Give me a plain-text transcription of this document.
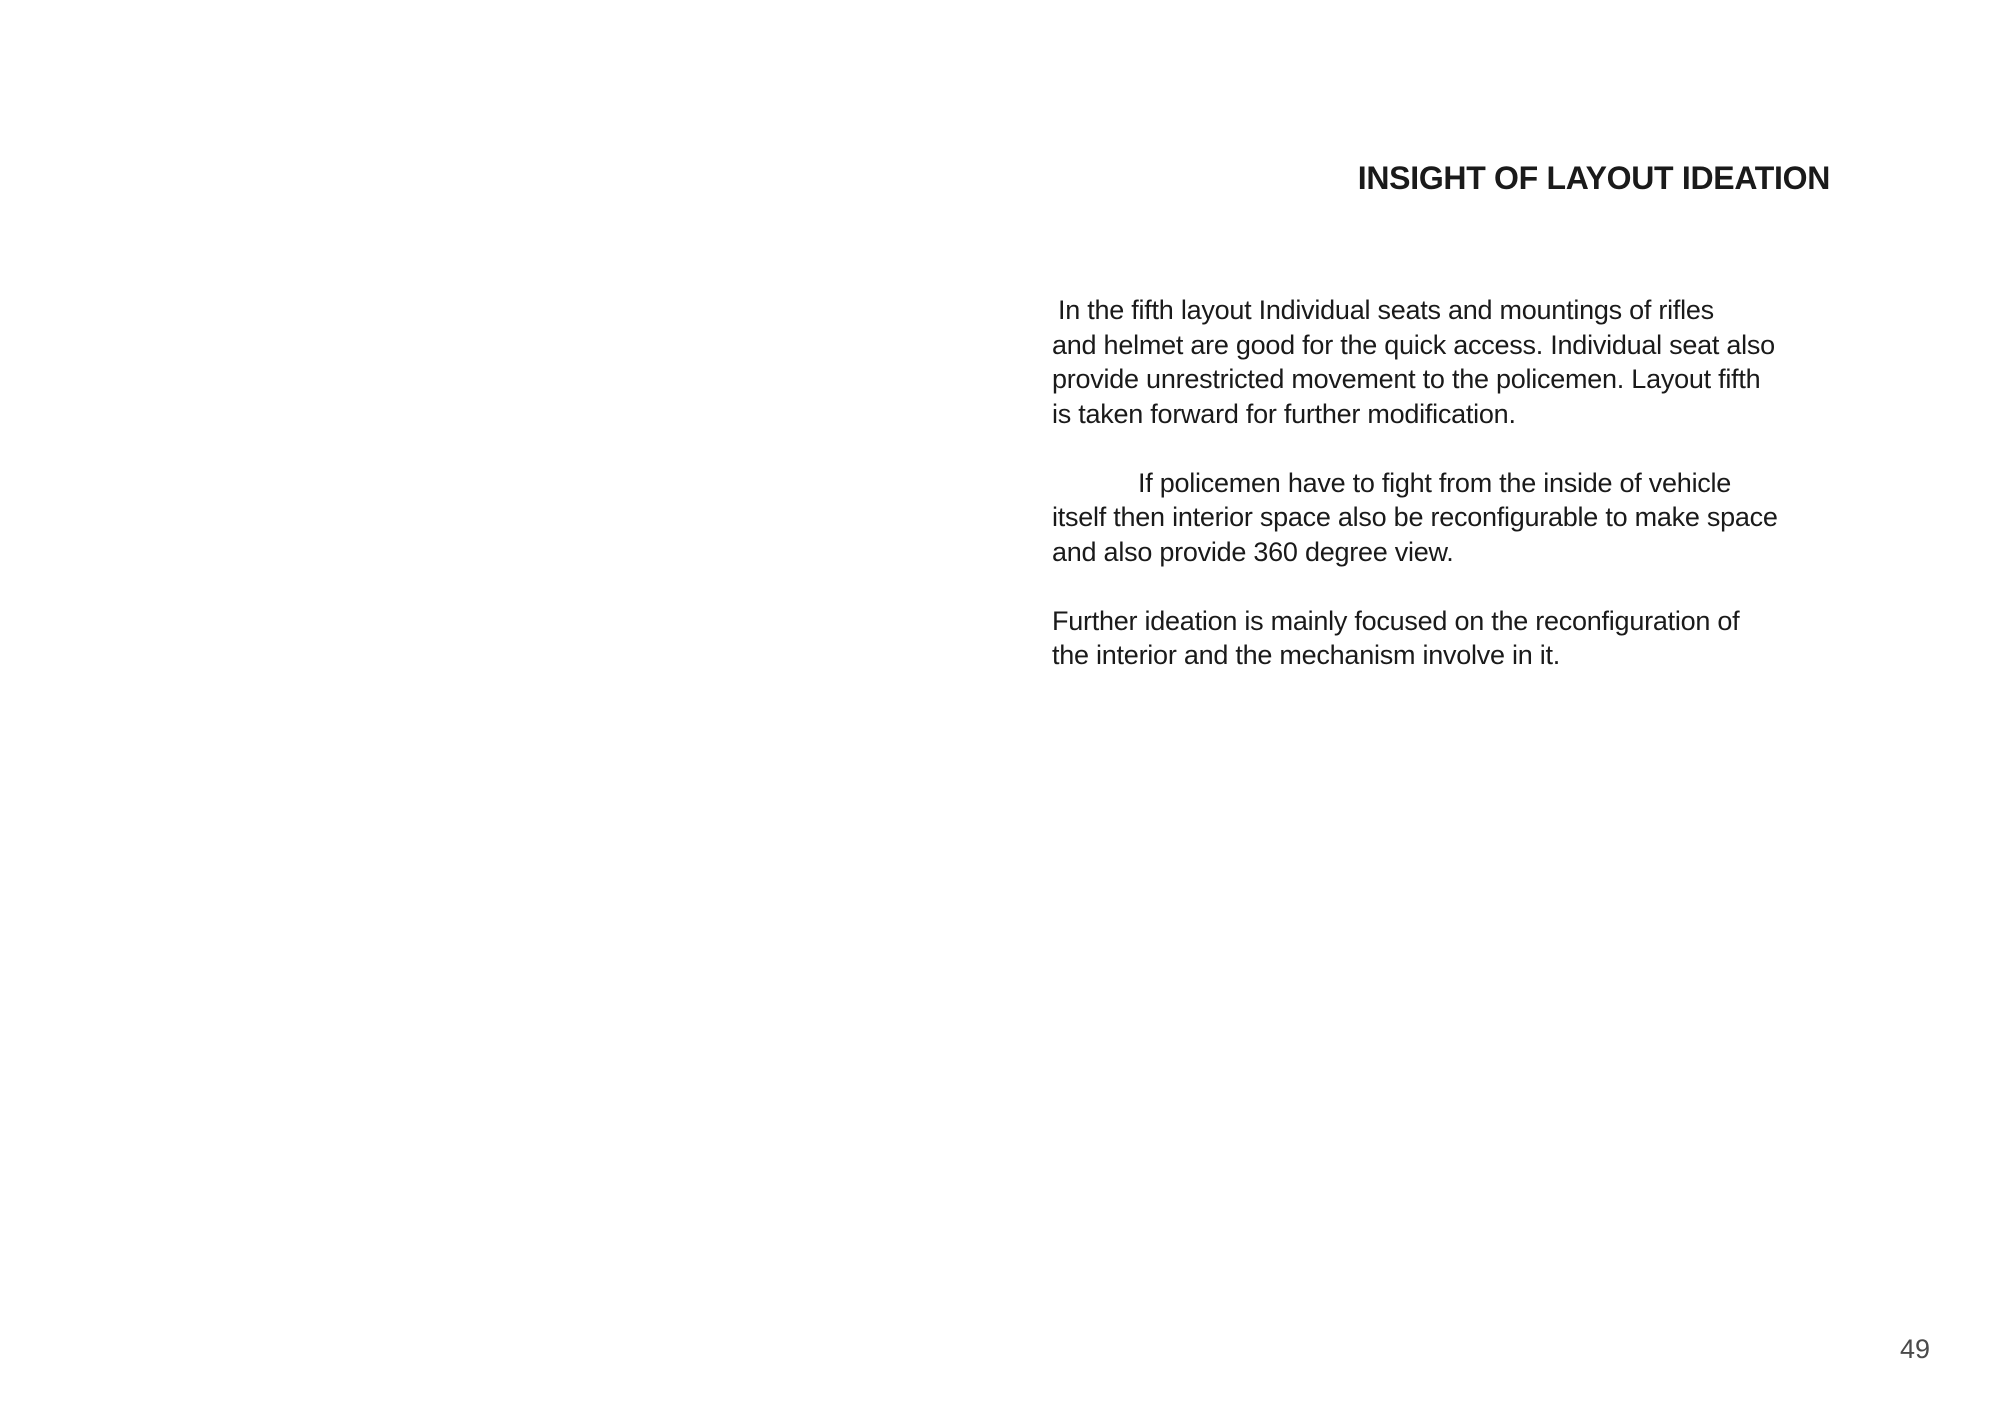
INSIGHT OF LAYOUT IDEATION
In the fifth layout Individual seats and mountings of rifles
and helmet are good for the quick access. Individual seat also
provide unrestricted movement to the policemen. Layout fifth
is taken forward for further modification.
If policemen have to fight from the inside of vehicle
itself then interior space also be reconfigurable to make space
and also provide 360 degree view.
Further ideation is mainly focused on the reconfiguration of
the interior and the mechanism involve in it.
49
